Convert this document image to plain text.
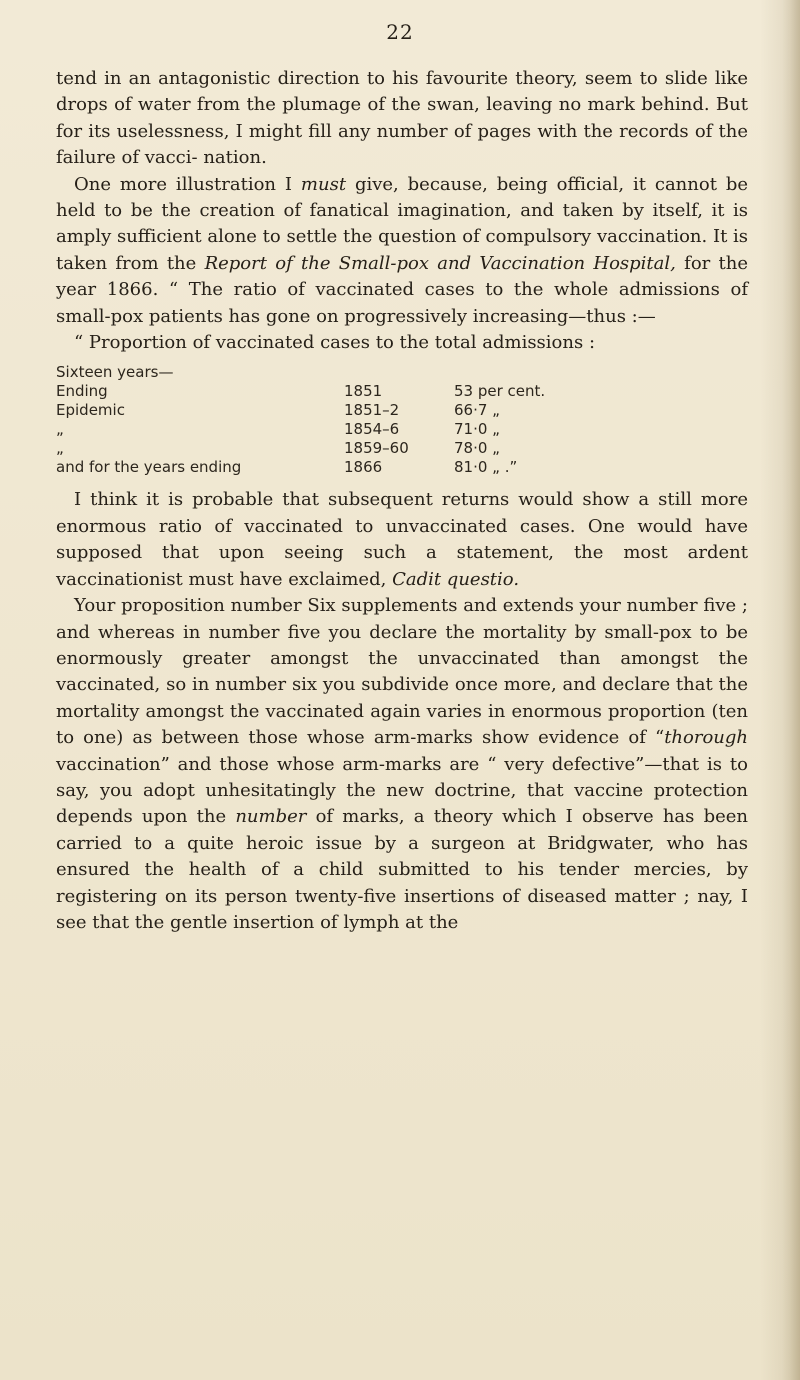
22

tend in an antagonistic direction to his favourite theory, seem to slide like drops of water from the plumage of the swan, leaving no mark behind. But for its uselessness, I might fill any number of pages with the records of the failure of vacci- nation.

One more illustration I must give, because, being official, it cannot be held to be the creation of fanatical imagination, and taken by itself, it is amply sufficient alone to settle the question of compulsory vaccination. It is taken from the Report of the Small-pox and Vaccination Hospital, for the year 1866. “ The ratio of vaccinated cases to the whole admissions of small-pox patients has gone on progressively increasing—thus :—

“ Proportion of vaccinated cases to the total admissions :

Sixteen years—
Ending	1851	53 per cent.
Epidemic	1851–2	66·7 „
„	1854–6	71·0 „
„	1859–60	78·0 „
and for the years ending	1866	81·0 „ .”

I think it is probable that subsequent returns would show a still more enormous ratio of vaccinated to unvaccinated cases. One would have supposed that upon seeing such a statement, the most ardent vaccinationist must have exclaimed, Cadit questio.

Your proposition number Six supplements and extends your number five ; and whereas in number five you declare the mortality by small-pox to be enormously greater amongst the unvaccinated than amongst the vaccinated, so in number six you subdivide once more, and declare that the mortality amongst the vaccinated again varies in enormous proportion (ten to one) as between those whose arm-marks show evidence of “thorough vaccination” and those whose arm-marks are “ very defective”—that is to say, you adopt unhesitatingly the new doctrine, that vaccine protection depends upon the number of marks, a theory which I observe has been carried to a quite heroic issue by a surgeon at Bridgwater, who has ensured the health of a child submitted to his tender mercies, by registering on its person twenty-five insertions of diseased matter ; nay, I see that the gentle insertion of lymph at the
